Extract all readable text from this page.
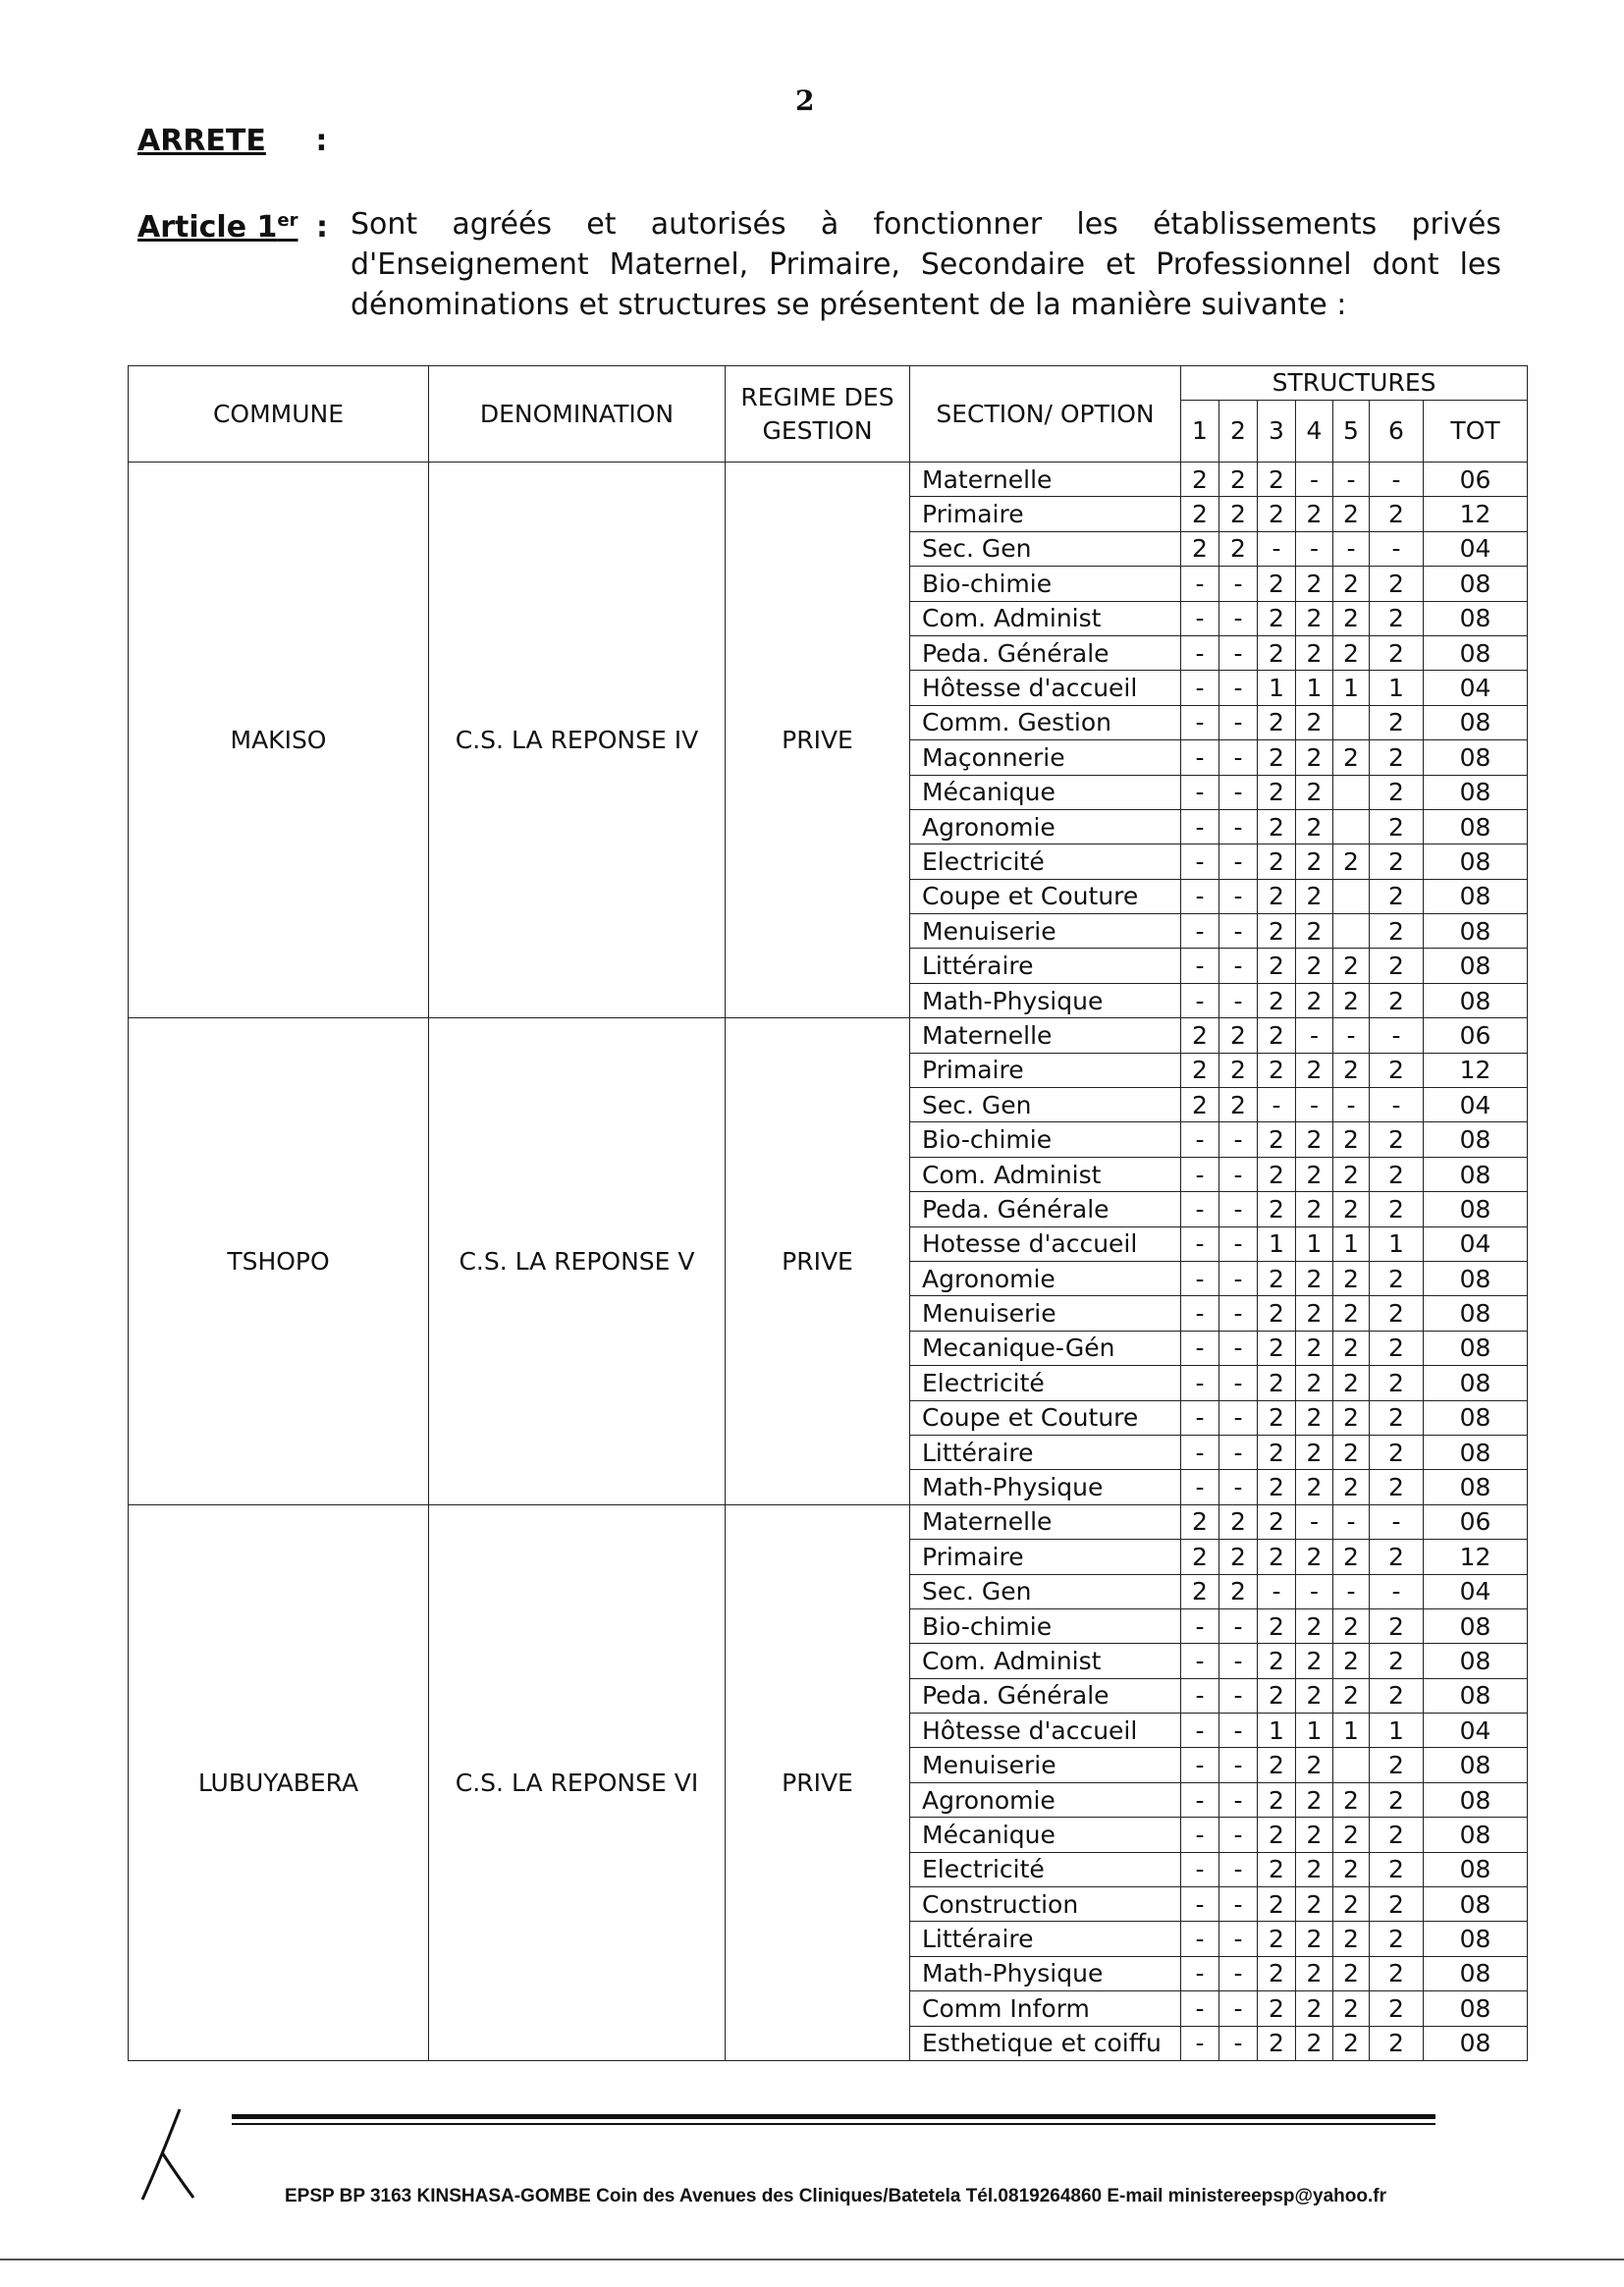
2
ARRETE :
Article 1er : Sont agréés et autorisés à fonctionner les établissements privés d'Enseignement Maternel, Primaire, Secondaire et Professionnel dont les dénominations et structures se présentent de la manière suivante :
COMMUNE	DENOMINATION	REGIME DES GESTION	SECTION/ OPTION	STRUCTURES						
				1	2	3	4	5	6	TOT
MAKISO	C.S. LA REPONSE IV	PRIVE	Maternelle	2	2	2	-	-	-	06
			Primaire	2	2	2	2	2	2	12
			Sec. Gen	2	2	-	-	-	-	04
			Bio-chimie	-	-	2	2	2	2	08
			Com. Administ	-	-	2	2	2	2	08
			Peda. Générale	-	-	2	2	2	2	08
			Hôtesse d'accueil	-	-	1	1	1	1	04
			Comm. Gestion	-	-	2	2		2	08
			Maçonnerie	-	-	2	2	2	2	08
			Mécanique	-	-	2	2		2	08
			Agronomie	-	-	2	2		2	08
			Electricité	-	-	2	2	2	2	08
			Coupe et Couture	-	-	2	2		2	08
			Menuiserie	-	-	2	2		2	08
			Littéraire	-	-	2	2	2	2	08
			Math-Physique	-	-	2	2	2	2	08
TSHOPO	C.S. LA REPONSE V	PRIVE	Maternelle	2	2	2	-	-	-	06
			Primaire	2	2	2	2	2	2	12
			Sec. Gen	2	2	-	-	-	-	04
			Bio-chimie	-	-	2	2	2	2	08
			Com. Administ	-	-	2	2	2	2	08
			Peda. Générale	-	-	2	2	2	2	08
			Hotesse d'accueil	-	-	1	1	1	1	04
			Agronomie	-	-	2	2	2	2	08
			Menuiserie	-	-	2	2	2	2	08
			Mecanique-Gén	-	-	2	2	2	2	08
			Electricité	-	-	2	2	2	2	08
			Coupe et Couture	-	-	2	2	2	2	08
			Littéraire	-	-	2	2	2	2	08
			Math-Physique	-	-	2	2	2	2	08
LUBUYABERA	C.S. LA REPONSE VI	PRIVE	Maternelle	2	2	2	-	-	-	06
			Primaire	2	2	2	2	2	2	12
			Sec. Gen	2	2	-	-	-	-	04
			Bio-chimie	-	-	2	2	2	2	08
			Com. Administ	-	-	2	2	2	2	08
			Peda. Générale	-	-	2	2	2	2	08
			Hôtesse d'accueil	-	-	1	1	1	1	04
			Menuiserie	-	-	2	2		2	08
			Agronomie	-	-	2	2	2	2	08
			Mécanique	-	-	2	2	2	2	08
			Electricité	-	-	2	2	2	2	08
			Construction	-	-	2	2	2	2	08
			Littéraire	-	-	2	2	2	2	08
			Math-Physique	-	-	2	2	2	2	08
			Comm Inform	-	-	2	2	2	2	08
			Esthetique et coiffu	-	-	2	2	2	2	08
EPSP BP 3163 KINSHASA-GOMBE Coin des Avenues des Cliniques/Batetela Tél.0819264860 E-mail ministereepsp@yahoo.fr
